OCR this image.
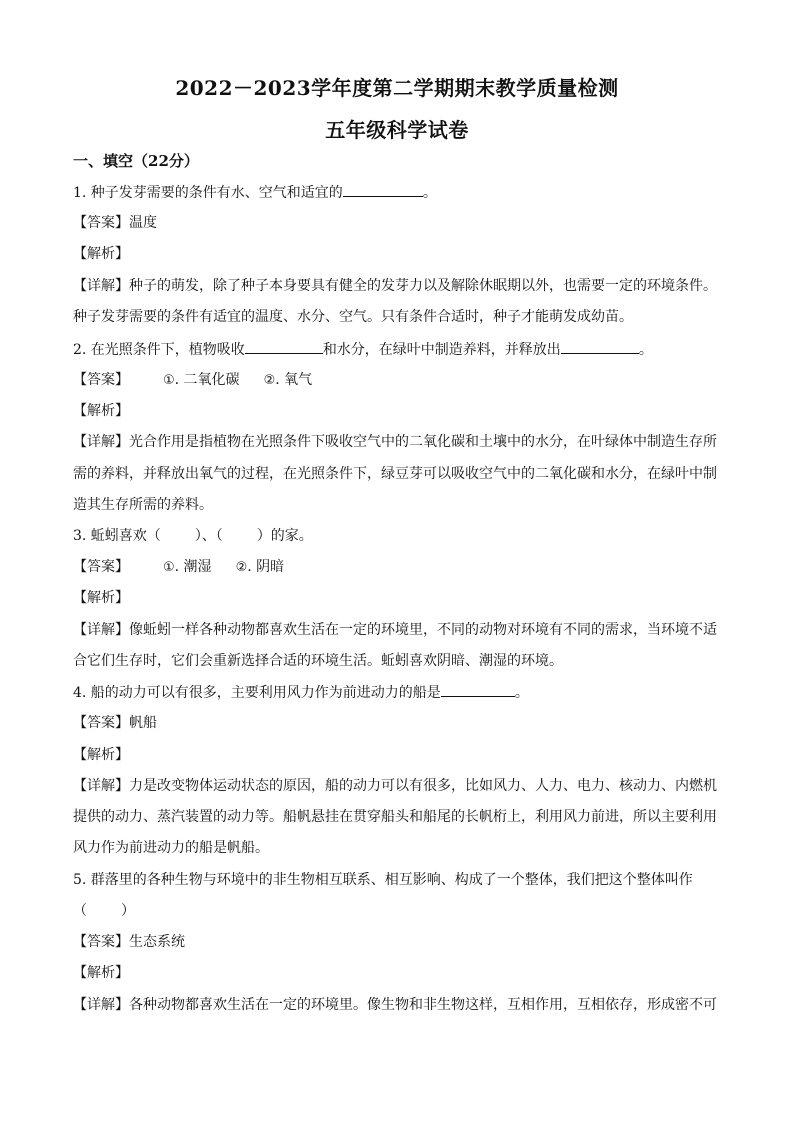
2022－2023学年度第二学期期末教学质量检测
五年级科学试卷
一、填空（22分）
1. 种子发芽需要的条件有水、空气和适宜的	。
【答案】温度
【解析】
【详解】种子的萌发，除了种子本身要具有健全的发芽力以及解除休眠期以外，也需要一定的环境条件。
种子发芽需要的条件有适宜的温度、水分、空气。只有条件合适时，种子才能萌发成幼苗。
2. 在光照条件下，植物吸收	和水分，在绿叶中制造养料，并释放出	。
【答案】	①. 二氧化碳 ②. 氧气
【解析】
【详解】光合作用是指植物在光照条件下吸收空气中的二氧化碳和土壤中的水分，在叶绿体中制造生存所
需的养料，并释放出氧气的过程，在光照条件下，绿豆芽可以吸收空气中的二氧化碳和水分，在绿叶中制
造其生存所需的养料。
3. 蚯蚓喜欢（ ）、（ ）的家。
【答案】	①. 潮湿 ②. 阴暗
【解析】
【详解】像蚯蚓一样各种动物都喜欢生活在一定的环境里，不同的动物对环境有不同的需求，当环境不适
合它们生存时，它们会重新选择合适的环境生活。蚯蚓喜欢阴暗、潮湿的环境。
4. 船的动力可以有很多，主要利用风力作为前进动力的船是	。
【答案】帆船
【解析】
【详解】力是改变物体运动状态的原因，船的动力可以有很多，比如风力、人力、电力、核动力、内燃机
提供的动力、蒸汽装置的动力等。船帆悬挂在贯穿船头和船尾的长帆桁上，利用风力前进，所以主要利用
风力作为前进动力的船是帆船。
5. 群落里的各种生物与环境中的非生物相互联系、相互影响、构成了一个整体，我们把这个整体叫作
（ ）
【答案】生态系统
【解析】
【详解】各种动物都喜欢生活在一定的环境里。像生物和非生物这样，互相作用，互相依存，形成密不可
